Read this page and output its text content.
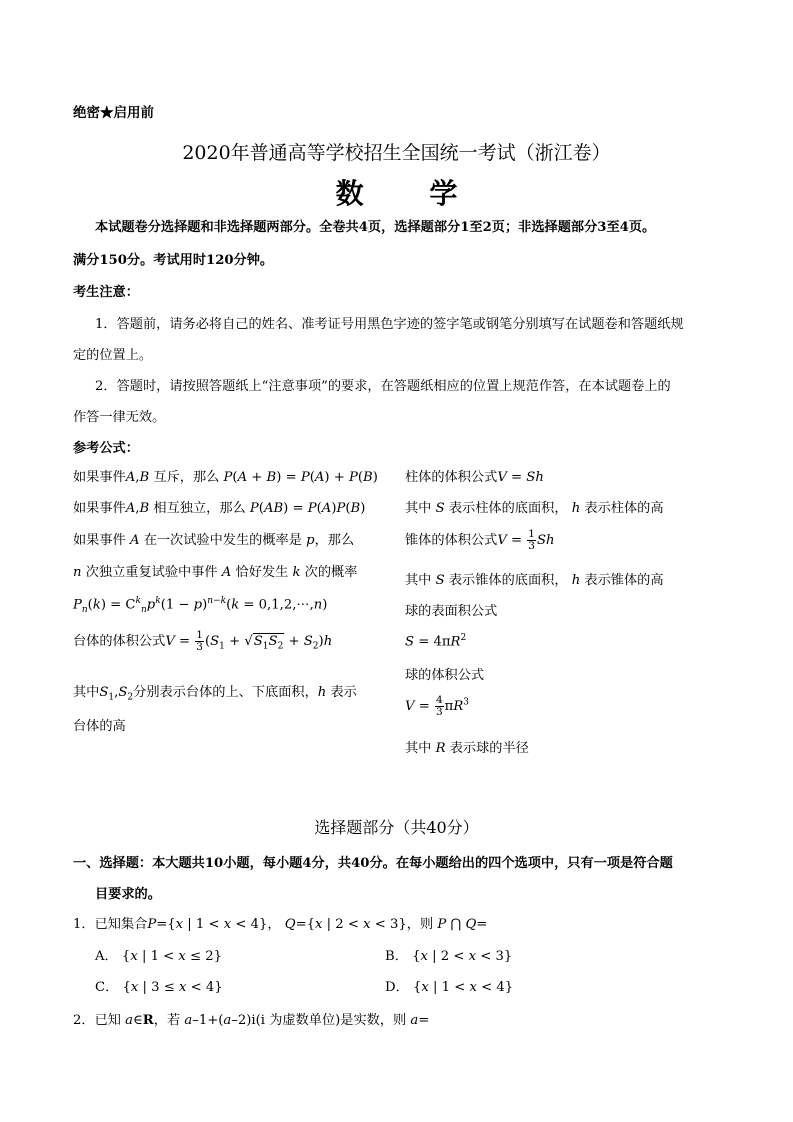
绝密★启用前
2020年普通高等学校招生全国统一考试（浙江卷）
数 学
本试题卷分选择题和非选择题两部分。全卷共4页，选择题部分1至2页；非选择题部分3至4页。
满分150分。考试用时120分钟。
考生注意：
1．答题前，请务必将自己的姓名、准考证号用黑色字迹的签字笔或钢笔分别填写在试题卷和答题纸规
定的位置上。
2．答题时，请按照答题纸上“注意事项”的要求，在答题纸相应的位置上规范作答，在本试题卷上的
作答一律无效。
参考公式：
如果事件A,B 互斥，那么 P(A + B) = P(A) + P(B)
如果事件A,B 相互独立，那么 P(AB) = P(A)P(B)
如果事件 A 在一次试验中发生的概率是 p，那么
n 次独立重复试验中事件 A 恰好发生 k 次的概率
$P_n(k) = C^k_np^k(1 - p)^{n-k}(k$ = 0,1,2,⋯,n)
台体的体积公式$V = \frac{1}{3} (S_1 + √S_1S_2 + S_2)h$
其中$S_1,S_2$分别表示台体的上、下底面积，h 表示
台体的高
柱体的体积公式V = Sh
其中 S 表示柱体的底面积， h 表示柱体的高
锥体的体积公式$V = \frac{1}{3}$ Sh
其中 S 表示锥体的底面积， h 表示锥体的高
球的表面积公式
$S = 4\pi R^2$
球的体积公式
$V = \frac{4}{3} \pi R^3$
其中 R 表示球的半径
选择题部分（共40分）
一、选择题：本大题共10小题，每小题4分，共40分。在每小题给出的四个选项中，只有一项是符合题
目要求的。
1．已知集合P={x | 1 < x < 4}， Q={x | 2 < x < 3}，则 P ⋂ Q=
A． {x | 1 < x ≤ 2}	B． {x | 2 < x < 3}
C． {x | 3 ≤ x < 4}	D． {x | 1 < x < 4}
2．已知 a∈R，若 a–1+(a–2)i(i 为虚数单位)是实数，则 a=
